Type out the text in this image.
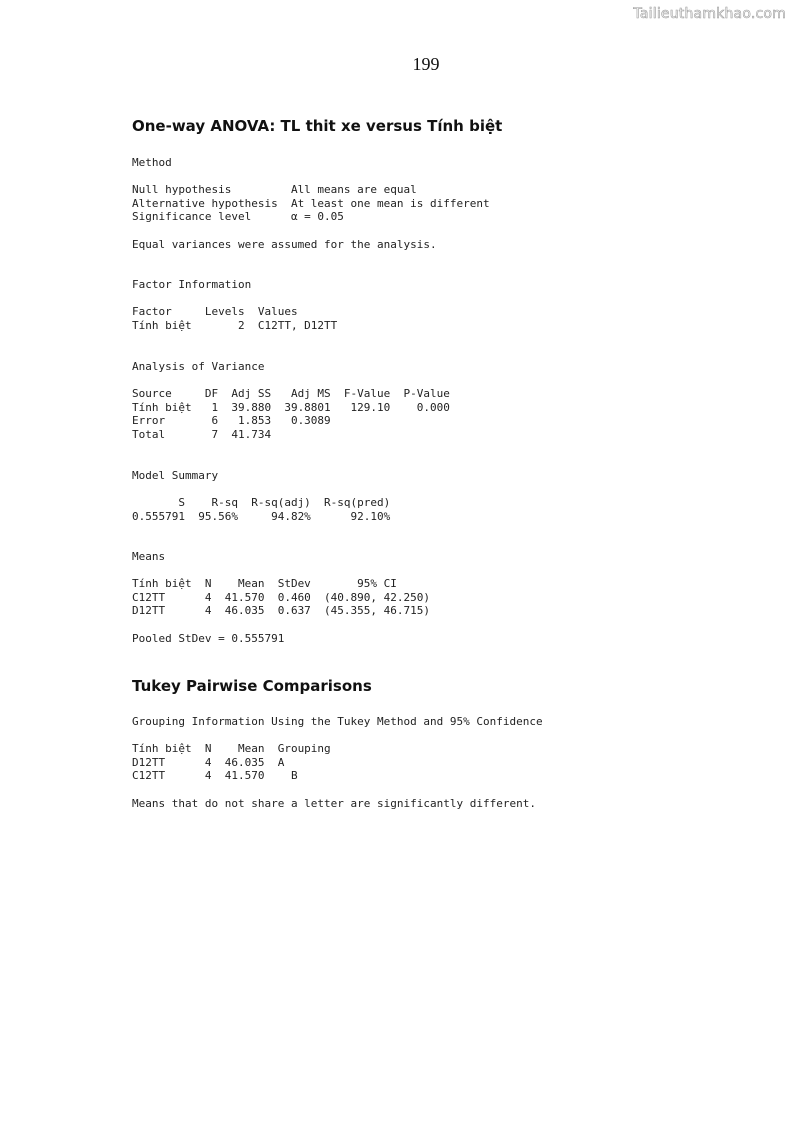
Tailieuthamkhao.com
199
One-way ANOVA: TL thit xe versus Tính biệt
Method

Null hypothesis         All means are equal
Alternative hypothesis  At least one mean is different
Significance level      α = 0.05

Equal variances were assumed for the analysis.
Factor Information

Factor     Levels  Values
Tính biệt       2  C12TT, D12TT
Analysis of Variance

Source     DF  Adj SS   Adj MS  F-Value  P-Value
Tính biệt   1  39.880  39.8801   129.10    0.000
Error       6   1.853   0.3089
Total       7  41.734
Model Summary

S    R-sq  R-sq(adj)  R-sq(pred)
0.555791  95.56%     94.82%      92.10%
Means

Tính biệt  N    Mean  StDev       95% CI
C12TT      4  41.570  0.460  (40.890, 42.250)
D12TT      4  46.035  0.637  (45.355, 46.715)

Pooled StDev = 0.555791
Tukey Pairwise Comparisons
Grouping Information Using the Tukey Method and 95% Confidence

Tính biệt  N    Mean  Grouping
D12TT      4  46.035  A
C12TT      4  41.570    B

Means that do not share a letter are significantly different.
